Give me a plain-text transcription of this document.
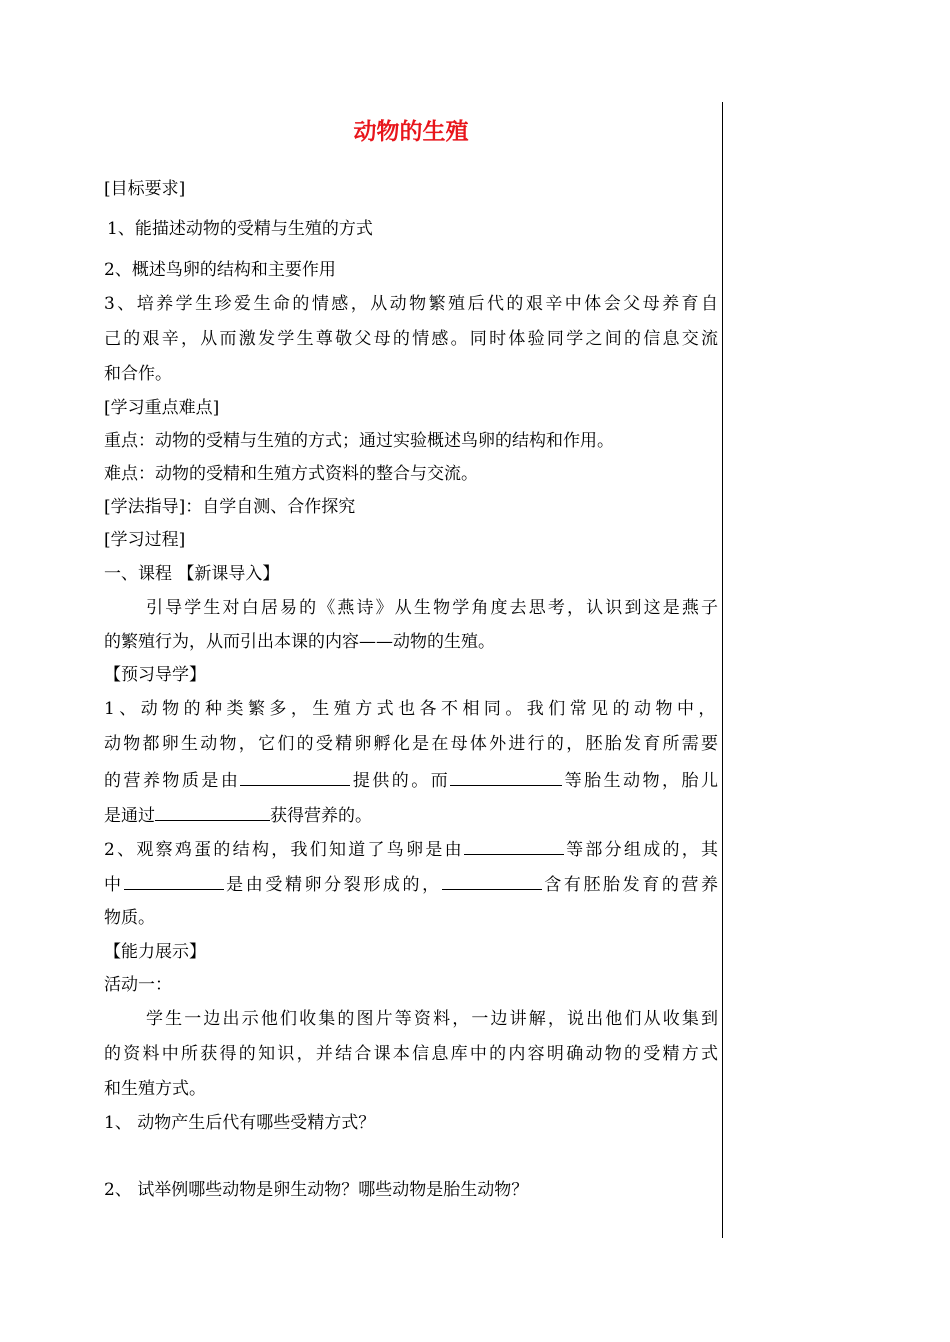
动物的生殖
[目标要求]
1、能描述动物的受精与生殖的方式
2、概述鸟卵的结构和主要作用
3、培养学生珍爱生命的情感，从动物繁殖后代的艰辛中体会父母养育自
己的艰辛，从而激发学生尊敬父母的情感。同时体验同学之间的信息交流
和合作。
[学习重点难点]
重点：动物的受精与生殖的方式；通过实验概述鸟卵的结构和作用。
难点：动物的受精和生殖方式资料的整合与交流。
[学法指导]：自学自测、合作探究
[学习过程]
一、课程 【新课导入】
引导学生对白居易的《燕诗》从生物学角度去思考，认识到这是燕子
的繁殖行为，从而引出本课的内容——动物的生殖。
【预习导学】
1、动物的种类繁多，生殖方式也各不相同。我们常见的动物中，
动物都卵生动物，它们的受精卵孵化是在母体外进行的，胚胎发育所需要
的营养物质是由	提供的。而	等胎生动物，胎儿
是通过	获得营养的。
2、观察鸡蛋的结构，我们知道了鸟卵是由	等部分组成的，其
中	是由受精卵分裂形成的，	含有胚胎发育的营养
物质。
【能力展示】
活动一：
学生一边出示他们收集的图片等资料，一边讲解，说出他们从收集到
的资料中所获得的知识，并结合课本信息库中的内容明确动物的受精方式
和生殖方式。
1、 动物产生后代有哪些受精方式？
2、 试举例哪些动物是卵生动物？哪些动物是胎生动物？
